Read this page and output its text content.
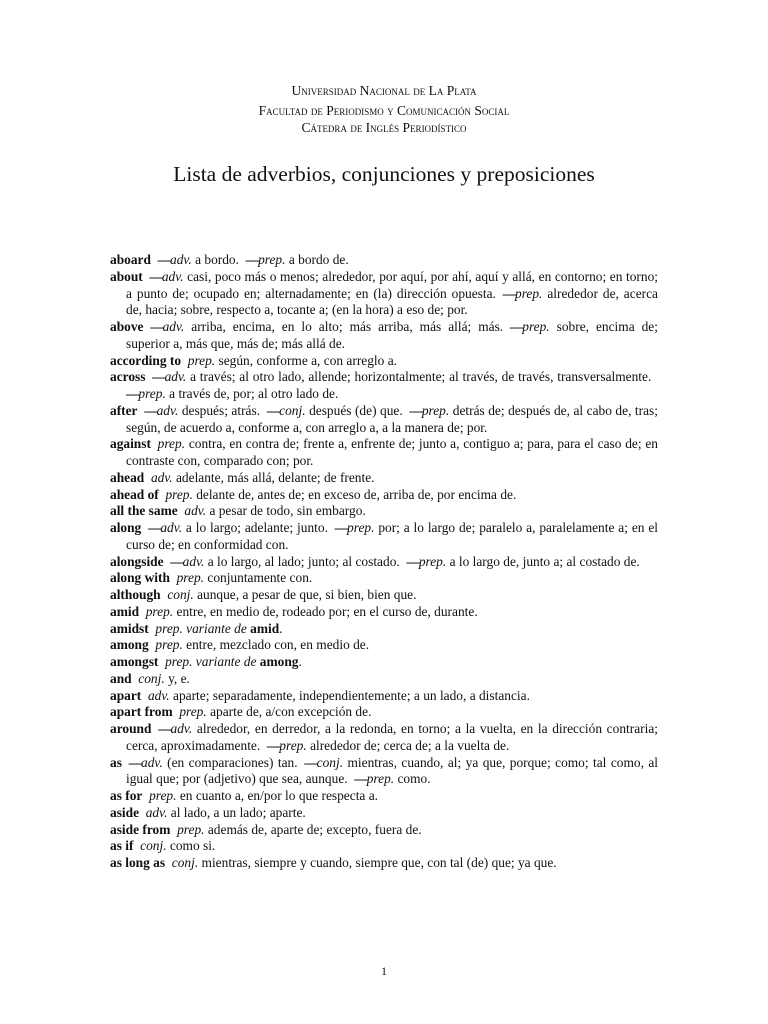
Universidad Nacional de La Plata
Facultad de Periodismo y Comunicación Social
Cátedra de Inglés Periodístico
Lista de adverbios, conjunciones y preposiciones
aboard  —adv. a bordo.  —prep. a bordo de.
about  —adv. casi, poco más o menos; alrededor, por aquí, por ahí, aquí y allá, en contorno; en torno; a punto de; ocupado en; alternadamente; en (la) dirección opuesta.  —prep. alrededor de, acerca de, hacia; sobre, respecto a, tocante a; (en la hora) a eso de; por.
above  —adv. arriba, encima, en lo alto; más arriba, más allá; más.  —prep. sobre, encima de; superior a, más que, más de; más allá de.
according to  prep. según, conforme a, con arreglo a.
across  —adv. a través; al otro lado, allende; horizontalmente; al través, de través, transversalmente. —prep. a través de, por; al otro lado de.
after  —adv. después; atrás.  —conj. después (de) que.  —prep. detrás de; después de, al cabo de, tras; según, de acuerdo a, conforme a, con arreglo a, a la manera de; por.
against  prep. contra, en contra de; frente a, enfrente de; junto a, contiguo a; para, para el caso de; en contraste con, comparado con; por.
ahead  adv. adelante, más allá, delante; de frente.
ahead of  prep. delante de, antes de; en exceso de, arriba de, por encima de.
all the same  adv. a pesar de todo, sin embargo.
along  —adv. a lo largo; adelante; junto.  —prep. por; a lo largo de; paralelo a, paralelamente a; en el curso de; en conformidad con.
alongside  —adv. a lo largo, al lado; junto; al costado.  —prep. a lo largo de, junto a; al costado de.
along with  prep. conjuntamente con.
although  conj. aunque, a pesar de que, si bien, bien que.
amid  prep. entre, en medio de, rodeado por; en el curso de, durante.
amidst  prep. variante de amid.
among  prep. entre, mezclado con, en medio de.
amongst  prep. variante de among.
and  conj. y, e.
apart  adv. aparte; separadamente, independientemente; a un lado, a distancia.
apart from  prep. aparte de, a/con excepción de.
around  —adv. alrededor, en derredor, a la redonda, en torno; a la vuelta, en la dirección contraria; cerca, aproximadamente.  —prep. alrededor de; cerca de; a la vuelta de.
as  —adv. (en comparaciones) tan.  —conj. mientras, cuando, al; ya que, porque; como; tal como, al igual que; por (adjetivo) que sea, aunque.  —prep. como.
as for  prep. en cuanto a, en/por lo que respecta a.
aside  adv. al lado, a un lado; aparte.
aside from  prep. además de, aparte de; excepto, fuera de.
as if  conj. como si.
as long as  conj. mientras, siempre y cuando, siempre que, con tal (de) que; ya que.
1
